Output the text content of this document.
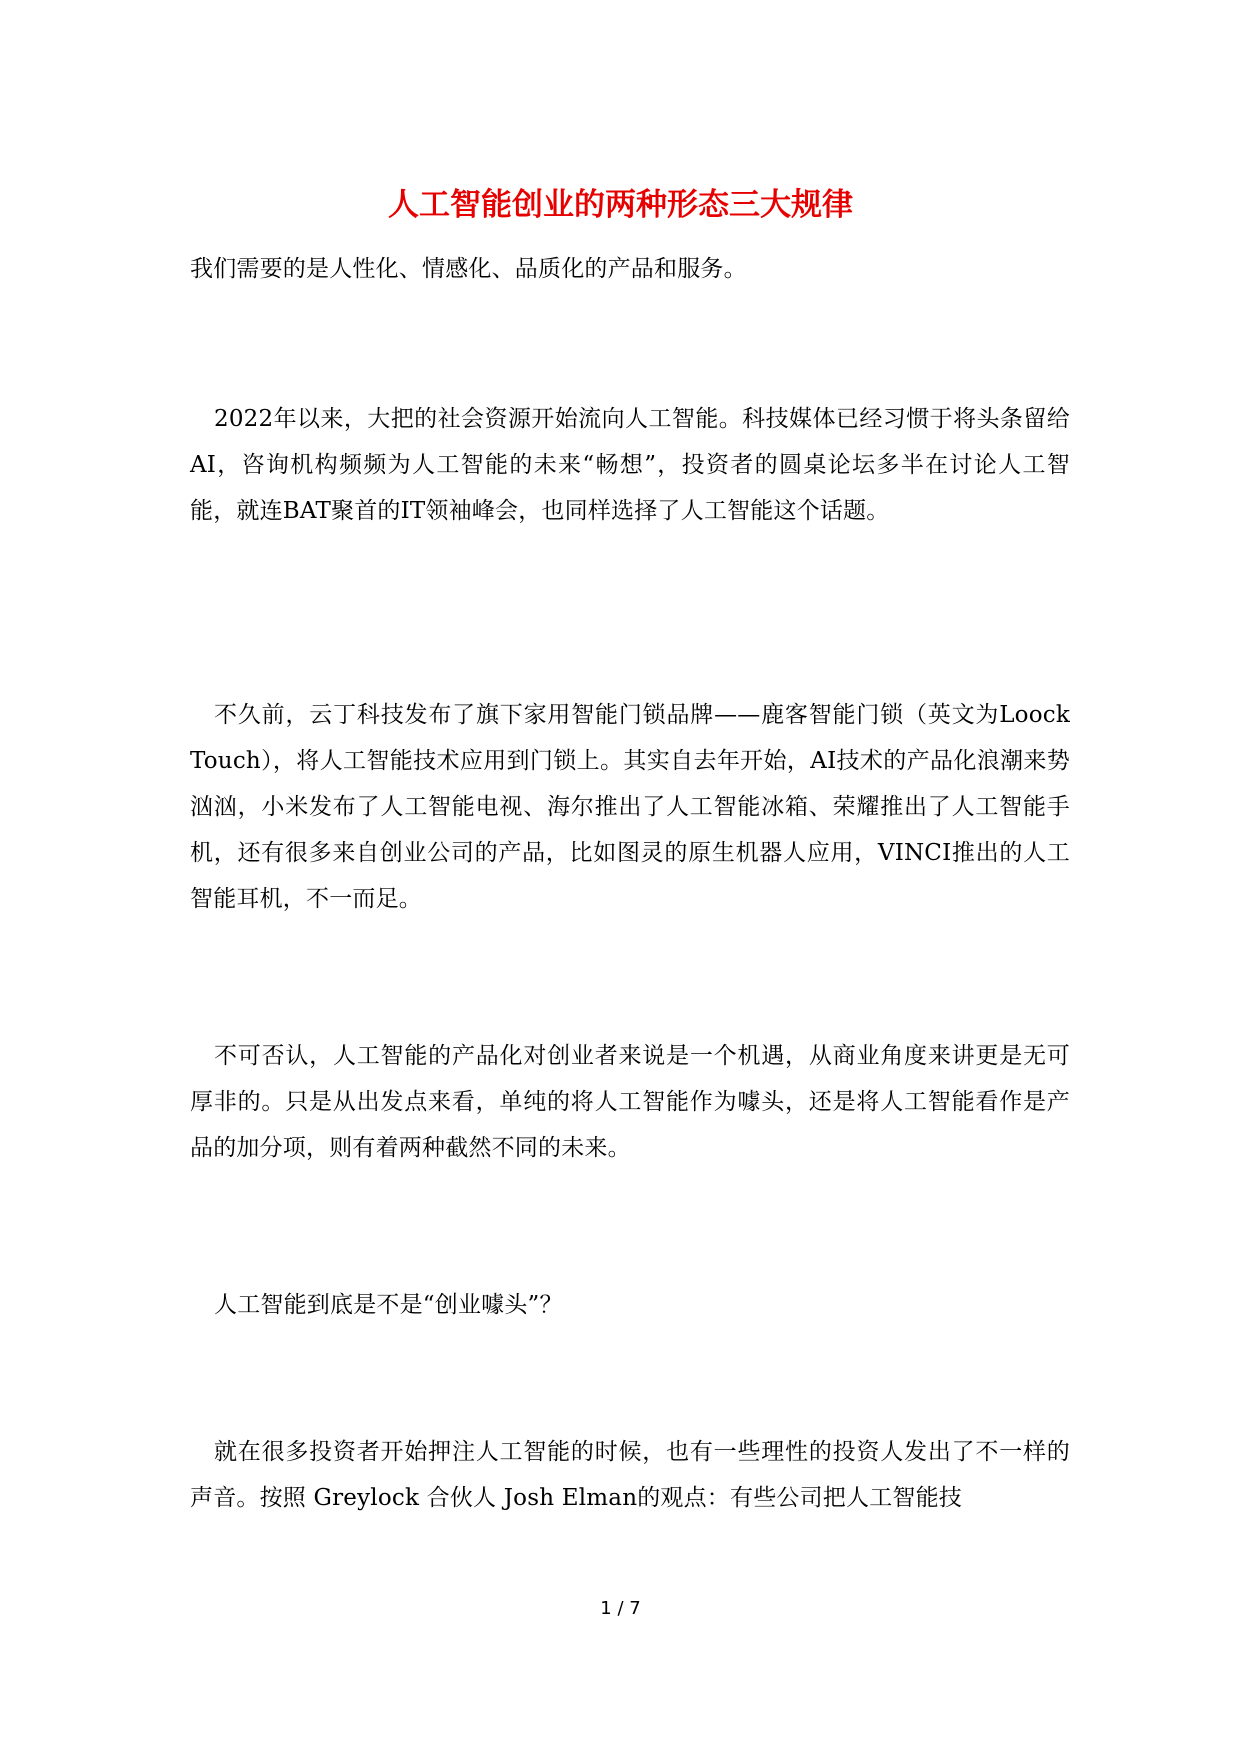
人工智能创业的两种形态三大规律

我们需要的是人性化、情感化、品质化的产品和服务。

2022年以来，大把的社会资源开始流向人工智能。科技媒体已经习惯于将头条留给AI，咨询机构频频为人工智能的未来“畅想”，投资者的圆桌论坛多半在讨论人工智能，就连BAT聚首的IT领袖峰会，也同样选择了人工智能这个话题。

不久前，云丁科技发布了旗下家用智能门锁品牌——鹿客智能门锁（英文为Loock Touch），将人工智能技术应用到门锁上。其实自去年开始，AI技术的产品化浪潮来势汹汹，小米发布了人工智能电视、海尔推出了人工智能冰箱、荣耀推出了人工智能手机，还有很多来自创业公司的产品，比如图灵的原生机器人应用，VINCI推出的人工智能耳机，不一而足。

不可否认，人工智能的产品化对创业者来说是一个机遇，从商业角度来讲更是无可厚非的。只是从出发点来看，单纯的将人工智能作为噱头，还是将人工智能看作是产品的加分项，则有着两种截然不同的未来。

人工智能到底是不是“创业噱头”？

就在很多投资者开始押注人工智能的时候，也有一些理性的投资人发出了不一样的声音。按照 Greylock 合伙人 Josh Elman的观点：有些公司把人工智能技

1 / 7
